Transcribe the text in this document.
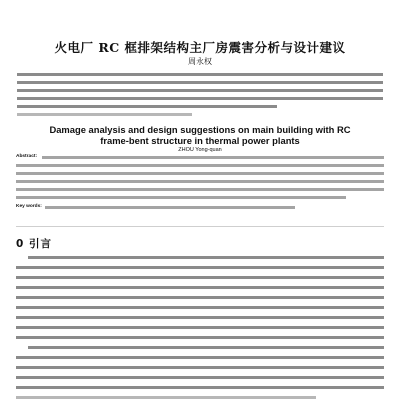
火电厂 RC 框排架结构主厂房震害分析与设计建议
周永权
Damage analysis and design suggestions on main building with RC
frame-bent structure in thermal power plants
ZHOU Yong-quan
Abstract:
Key words:
0 引言
